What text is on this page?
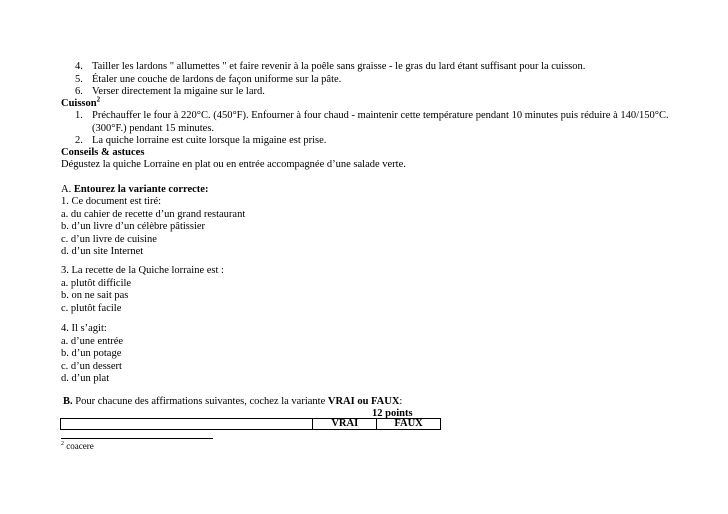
4. Tailler les lardons " allumettes " et faire revenir à la poêle sans graisse - le gras du lard étant suffisant pour la cuisson.
5. Étaler une couche de lardons de façon uniforme sur la pâte.
6. Verser directement la migaine sur le lard.
Cuisson$^2$
1. Préchauffer le four à 220°C. (450°F). Enfourner à four chaud - maintenir cette température pendant 10 minutes puis réduire à 140/150°C.
(300°F.) pendant 15 minutes.
2. La quiche lorraine est cuite lorsque la migaine est prise.
Conseils & astuces
Dégustez la quiche Lorraine en plat ou en entrée accompagnée d’une salade verte.
A. Entourez la variante correcte:
1. Ce document est tiré:
a. du cahier de recette d’un grand restaurant
b. d’un livre d’un célèbre pâtissier
c. d’un livre de cuisine
d. d’un site Internet
3. La recette de la Quiche lorraine est :
a. plutôt difficile
b. on ne sait pas
c. plutôt facile
4. Il s’agit:
a. d’une entrée
b. d’un potage
c. d’un dessert
d. d’un plat
B. Pour chacune des affirmations suivantes, cochez la variante VRAI ou FAUX:
12 points
	VRAI	FAUX
$^2$ coacere
